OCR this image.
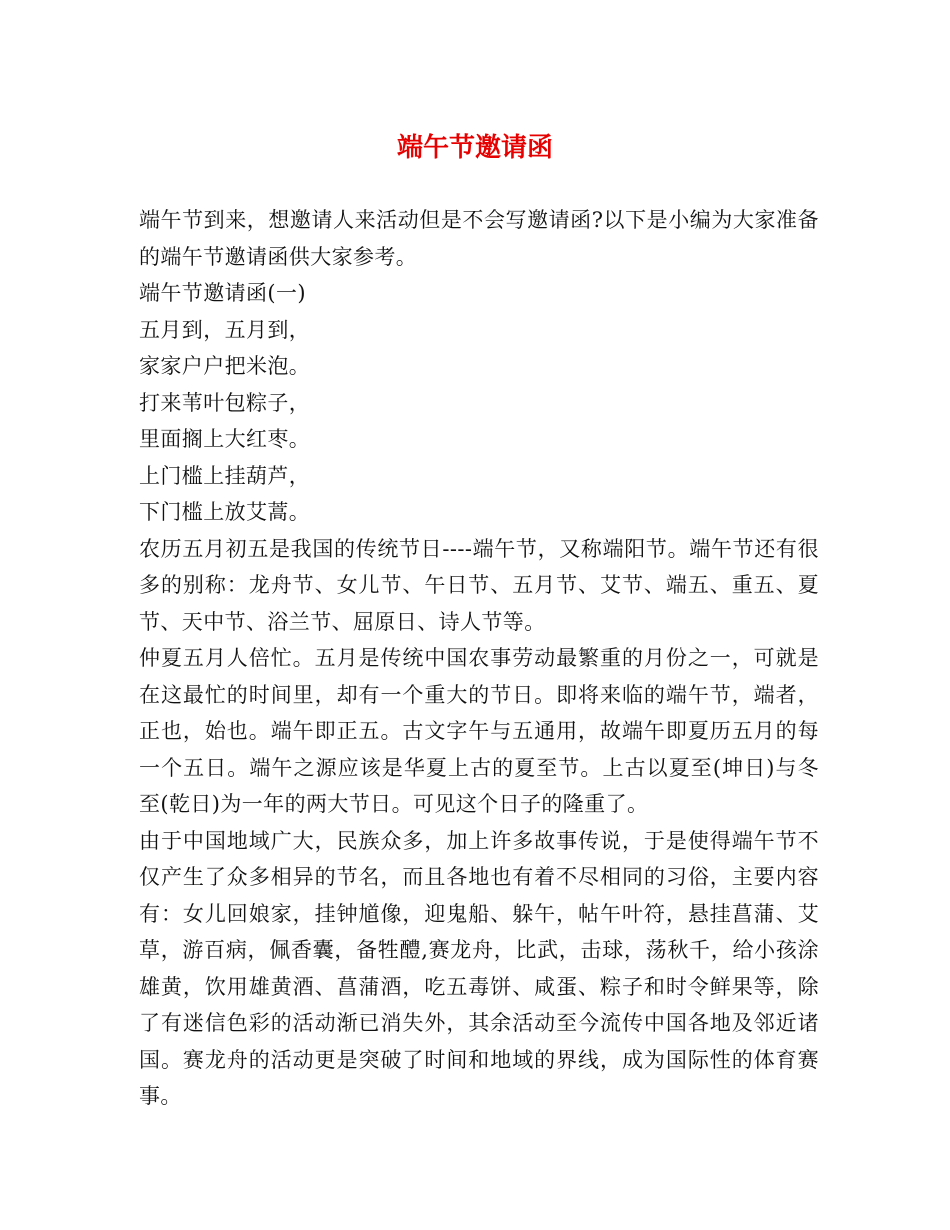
端午节邀请函

端午节到来，想邀请人来活动但是不会写邀请函?以下是小编为大家准备的端午节邀请函供大家参考。

端午节邀请函(一)

五月到，五月到，

家家户户把米泡。

打来苇叶包粽子，

里面搁上大红枣。

上门槛上挂葫芦，

下门槛上放艾蒿。

农历五月初五是我国的传统节日----端午节，又称端阳节。端午节还有很多的别称：龙舟节、女儿节、午日节、五月节、艾节、端五、重五、夏节、天中节、浴兰节、屈原日、诗人节等。

仲夏五月人倍忙。五月是传统中国农事劳动最繁重的月份之一，可就是在这最忙的时间里，却有一个重大的节日。即将来临的端午节，端者，正也，始也。端午即正五。古文字午与五通用，故端午即夏历五月的每一个五日。端午之源应该是华夏上古的夏至节。上古以夏至(坤日)与冬至(乾日)为一年的两大节日。可见这个日子的隆重了。

由于中国地域广大，民族众多，加上许多故事传说，于是使得端午节不仅产生了众多相异的节名，而且各地也有着不尽相同的习俗，主要内容有：女儿回娘家，挂钟馗像，迎鬼船、躲午，帖午叶符，悬挂菖蒲、艾草，游百病，佩香囊，备牲醴,赛龙舟，比武，击球，荡秋千，给小孩涂雄黄，饮用雄黄酒、菖蒲酒，吃五毒饼、咸蛋、粽子和时令鲜果等，除了有迷信色彩的活动渐已消失外，其余活动至今流传中国各地及邻近诸国。赛龙舟的活动更是突破了时间和地域的界线，成为国际性的体育赛事。
